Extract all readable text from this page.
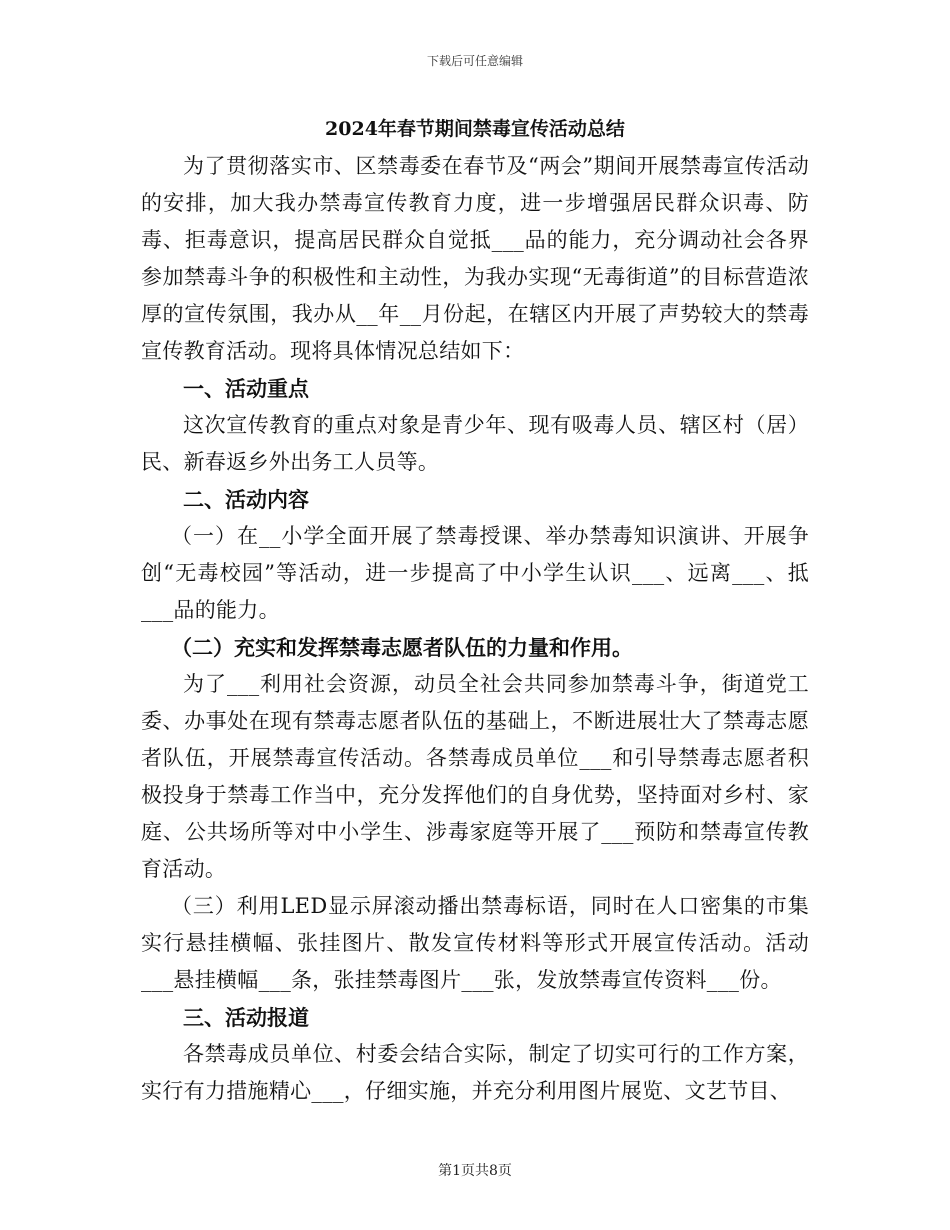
下载后可任意编辑
2024年春节期间禁毒宣传活动总结

为了贯彻落实市、区禁毒委在春节及“两会”期间开展禁毒宣传活动的安排，加大我办禁毒宣传教育力度，进一步增强居民群众识毒、防毒、拒毒意识，提高居民群众自觉抵___品的能力，充分调动社会各界参加禁毒斗争的积极性和主动性，为我办实现“无毒街道”的目标营造浓厚的宣传氛围，我办从__年__月份起，在辖区内开展了声势较大的禁毒宣传教育活动。现将具体情况总结如下：

一、活动重点

这次宣传教育的重点对象是青少年、现有吸毒人员、辖区村（居）民、新春返乡外出务工人员等。

二、活动内容

（一）在__小学全面开展了禁毒授课、举办禁毒知识演讲、开展争创“无毒校园”等活动，进一步提高了中小学生认识___、远离___、抵___品的能力。

（二）充实和发挥禁毒志愿者队伍的力量和作用。

为了___利用社会资源，动员全社会共同参加禁毒斗争，街道党工委、办事处在现有禁毒志愿者队伍的基础上，不断进展壮大了禁毒志愿者队伍，开展禁毒宣传活动。各禁毒成员单位___和引导禁毒志愿者积极投身于禁毒工作当中，充分发挥他们的自身优势，坚持面对乡村、家庭、公共场所等对中小学生、涉毒家庭等开展了___预防和禁毒宣传教育活动。

（三）利用LED显示屏滚动播出禁毒标语，同时在人口密集的市集实行悬挂横幅、张挂图片、散发宣传材料等形式开展宣传活动。活动___悬挂横幅___条，张挂禁毒图片___张，发放禁毒宣传资料___份。

三、活动报道

各禁毒成员单位、村委会结合实际，制定了切实可行的工作方案，实行有力措施精心___，仔细实施，并充分利用图片展览、文艺节目、

第1页共8页
